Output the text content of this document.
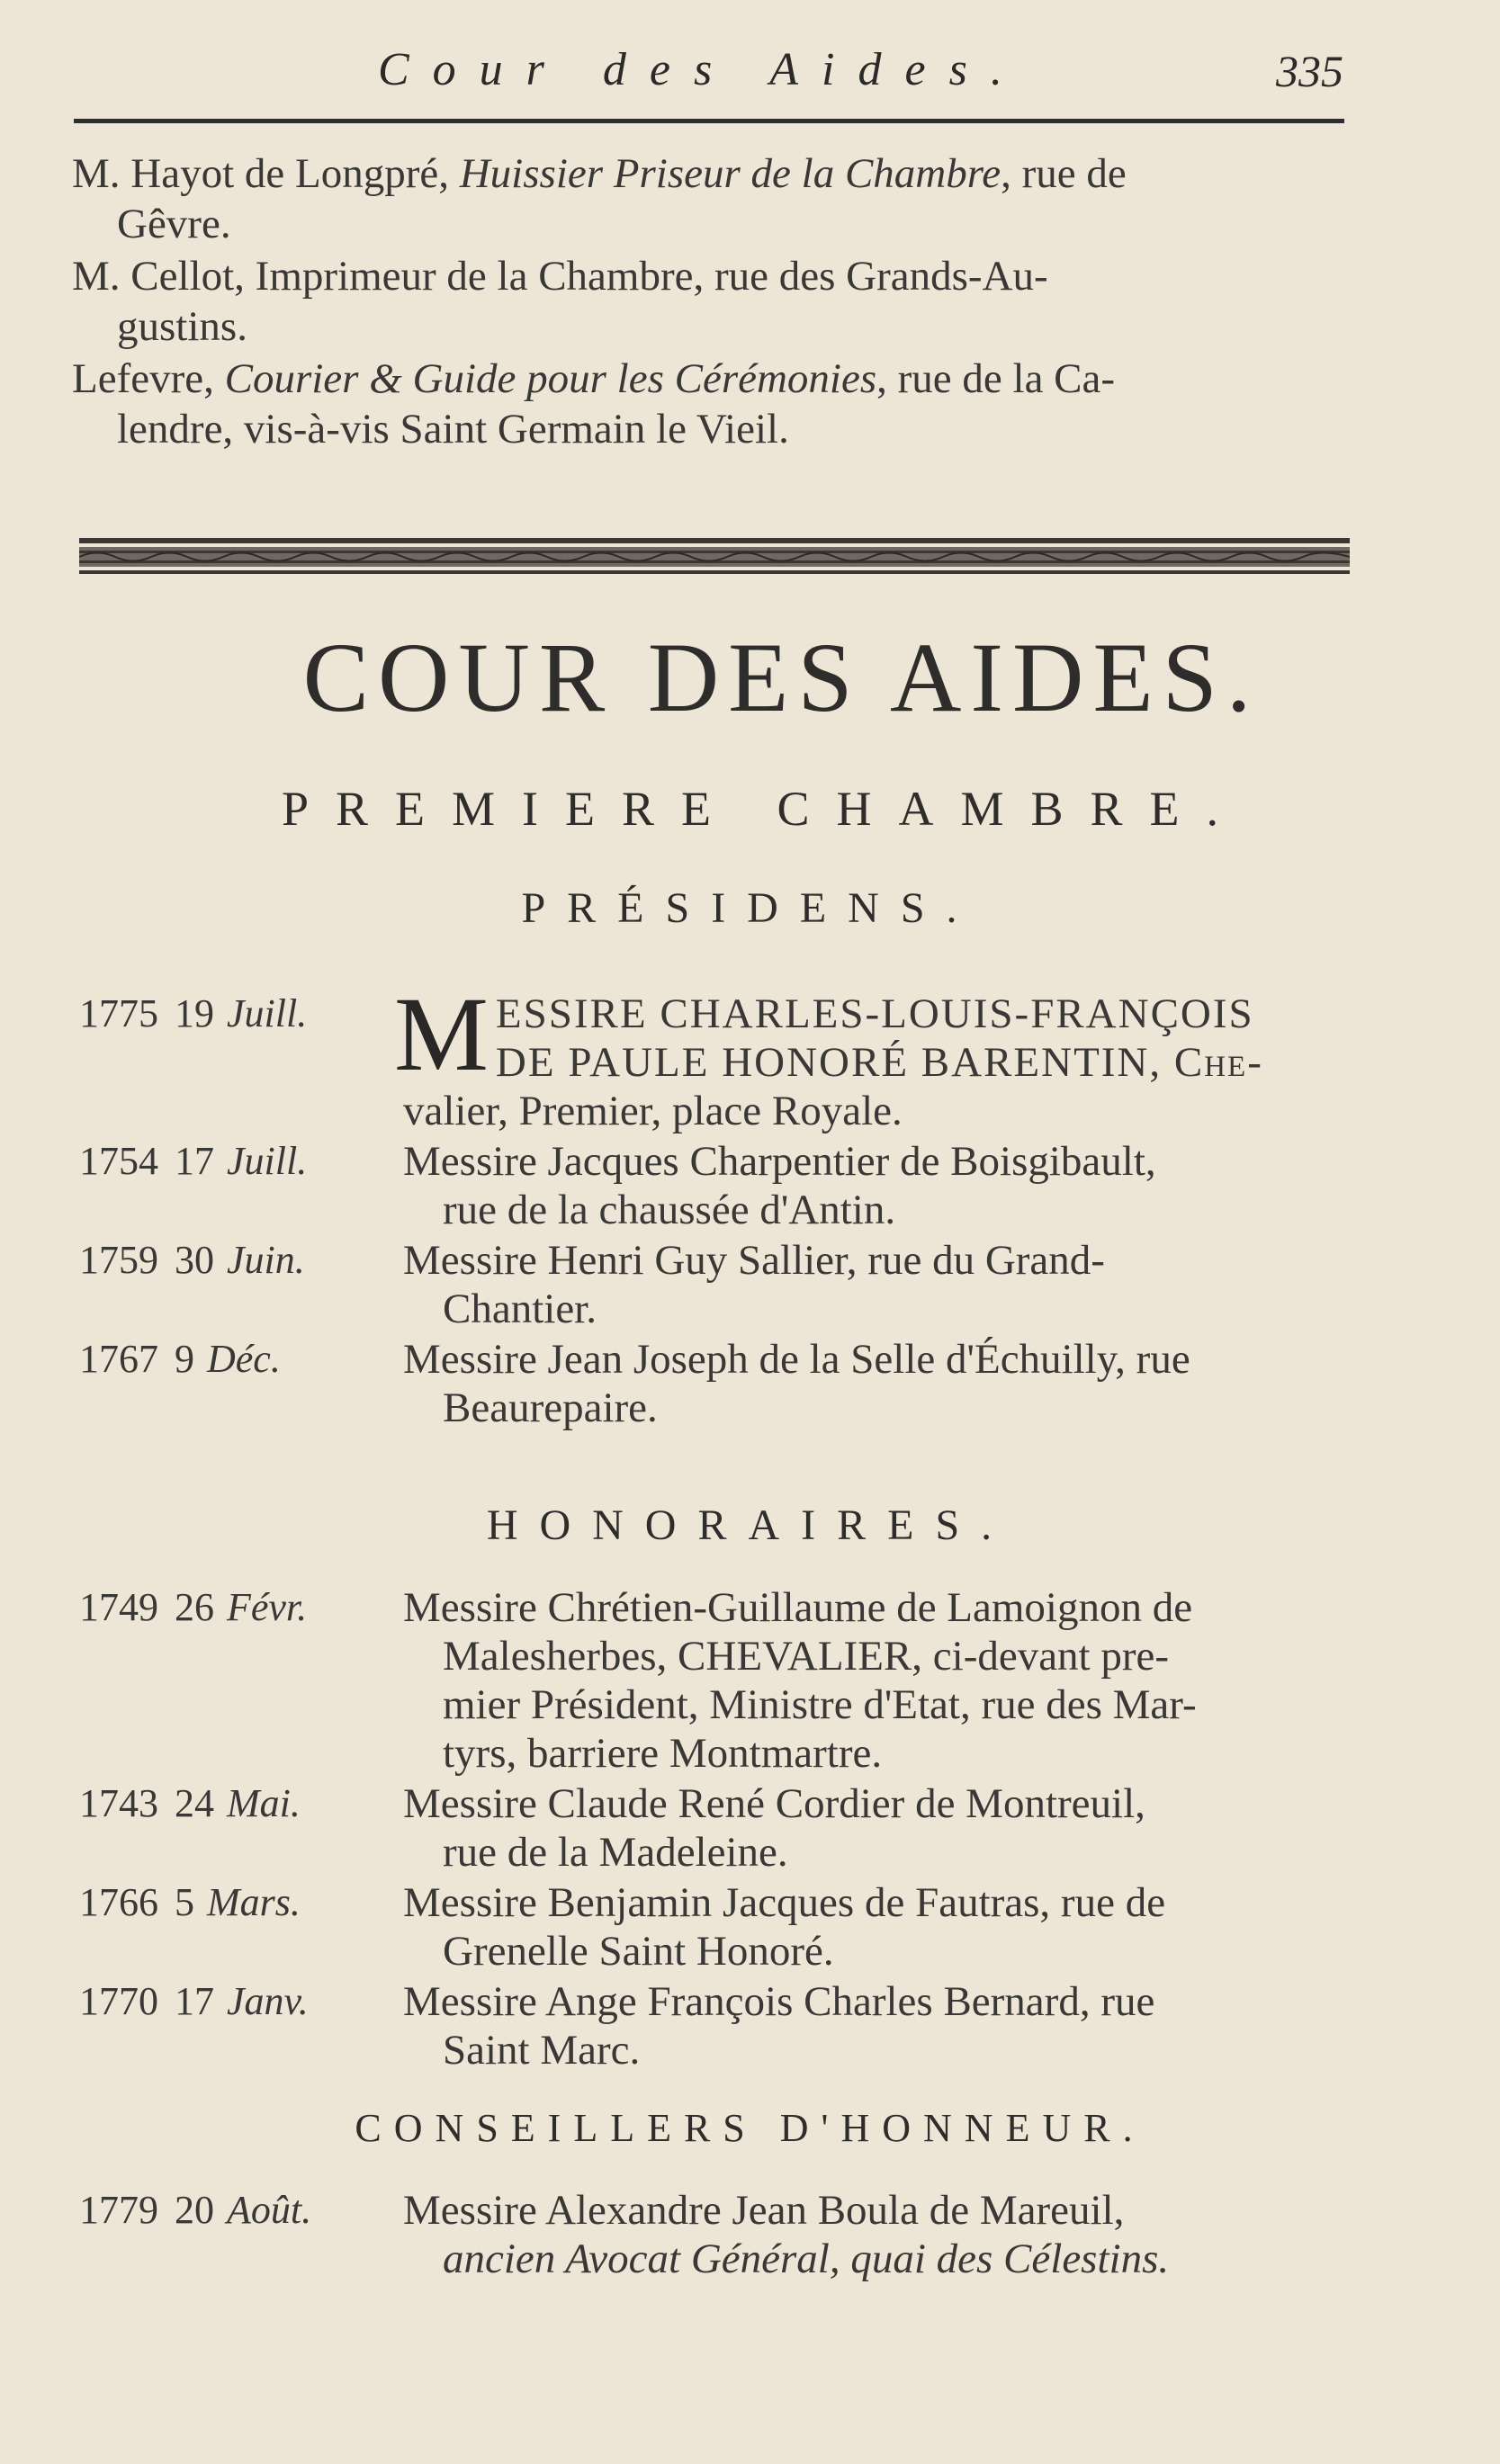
Cour des Aides.	335
M. Hayot de Longpré, Huissier Priseur de la Chambre, rue de
Gêvre.
M. Cellot, Imprimeur de la Chambre, rue des Grands-Au-
gustins.
Lefevre, Courier & Guide pour les Cérémonies, rue de la Ca-
lendre, vis-à-vis Saint Germain le Vieil.
COUR DES AIDES.
PREMIERE CHAMBRE.
PRÉSIDENS.
1775 19 Juill. M ESSIRE CHARLES-LOUIS-FRANÇOIS
DE PAULE HONORÉ BARENTIN, Che-
valier, Premier, place Royale.
1754 17 Juill.	Messire Jacques Charpentier de Boisgibault,
rue de la chaussée d'Antin.
1759 30 Juin.	Messire Henri Guy Sallier, rue du Grand-
Chantier.
1767 9 Déc.	Messire Jean Joseph de la Selle d'Échuilly, rue
Beaurepaire.
HONORAIRES.
1749 26 Févr.	Messire Chrétien-Guillaume de Lamoignon de
Malesherbes, CHEVALIER, ci-devant pre-
mier Président, Ministre d'Etat, rue des Mar-
tyrs, barriere Montmartre.
1743 24 Mai.	Messire Claude René Cordier de Montreuil,
rue de la Madeleine.
1766 5 Mars.	Messire Benjamin Jacques de Fautras, rue de
Grenelle Saint Honoré.
1770 17 Janv.	Messire Ange François Charles Bernard, rue
Saint Marc.
CONSEILLERS D'HONNEUR.
1779 20 Août.	Messire Alexandre Jean Boula de Mareuil,
ancien Avocat Général, quai des Célestins.
